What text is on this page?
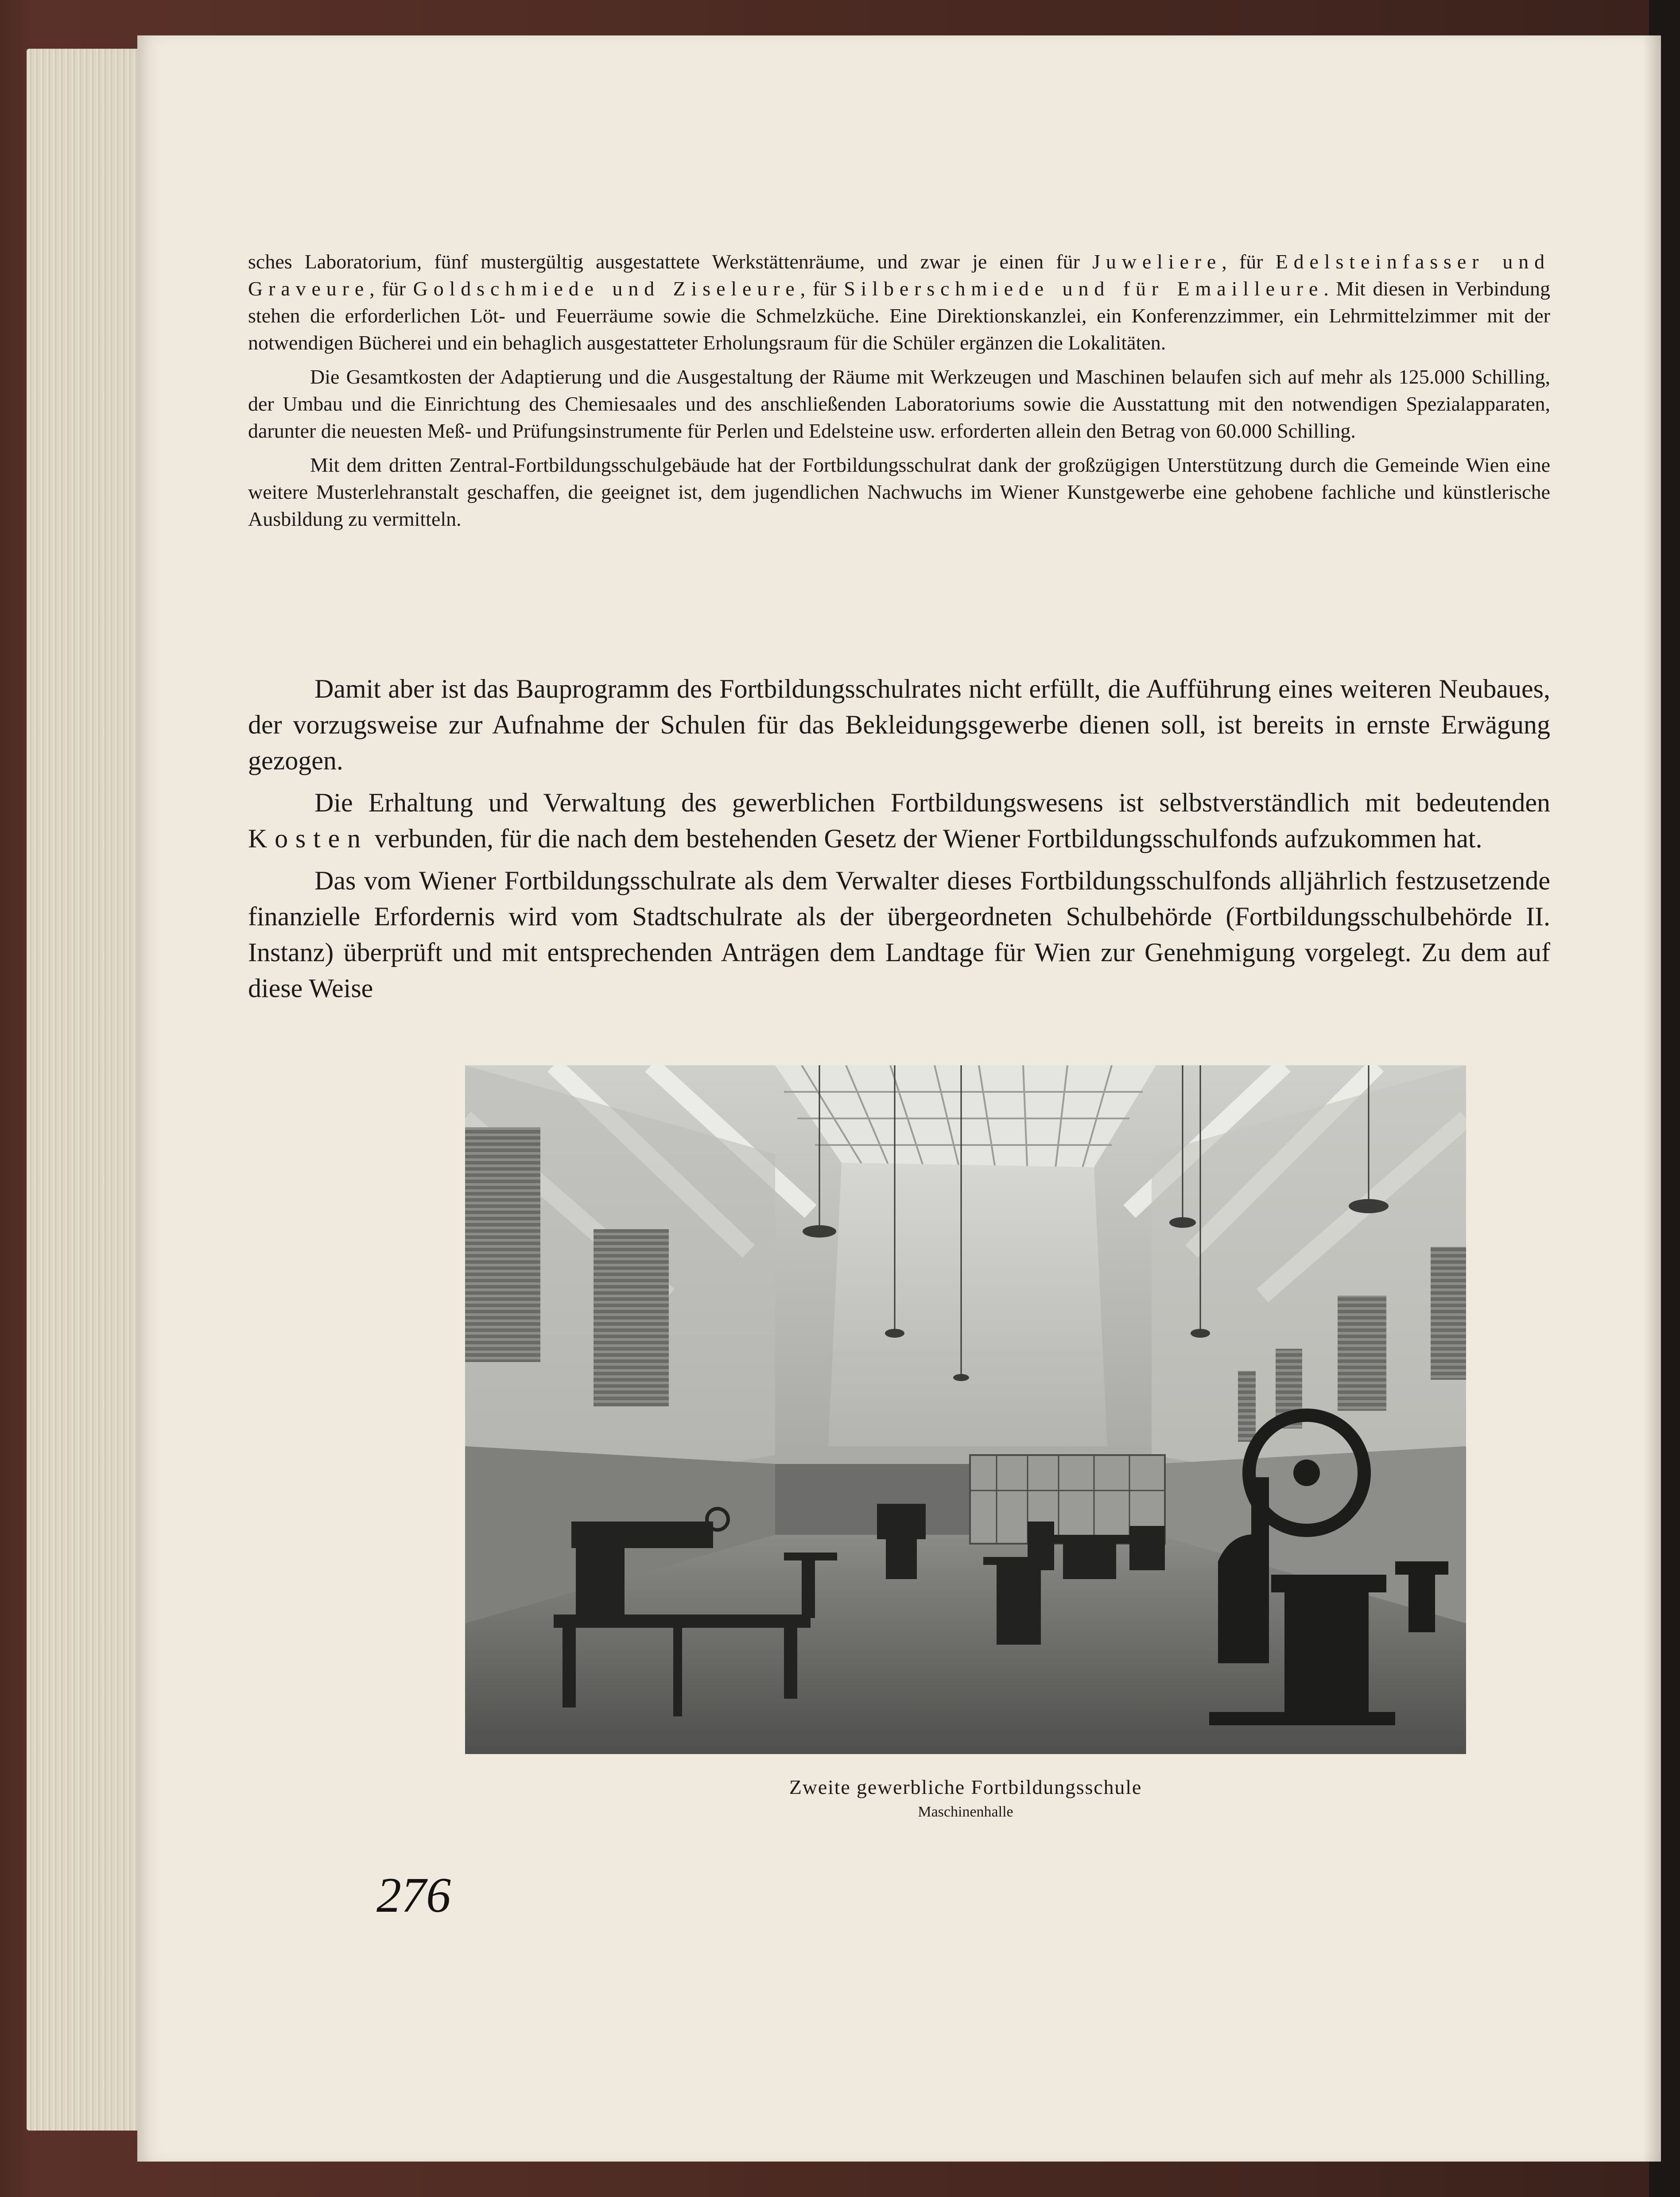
sches Laboratorium, fünf mustergültig ausgestattete Werkstättenräume, und zwar je einen für Juweliere, für Edelsteinfasser und Graveure, für Goldschmiede und Ziseleure, für Silberschmiede und für Emailleure. Mit diesen in Verbindung stehen die erforderlichen Löt- und Feuerräume sowie die Schmelzküche. Eine Direktionskanzlei, ein Konferenzzimmer, ein Lehrmittelzimmer mit der notwendigen Bücherei und ein behaglich ausgestatteter Erholungsraum für die Schüler ergänzen die Lokalitäten.

Die Gesamtkosten der Adaptierung und die Ausgestaltung der Räume mit Werkzeugen und Maschinen belaufen sich auf mehr als 125.000 Schilling, der Umbau und die Einrichtung des Chemiesaales und des anschließenden Laboratoriums sowie die Ausstattung mit den notwendigen Spezialapparaten, darunter die neuesten Meß- und Prüfungsinstrumente für Perlen und Edelsteine usw. erforderten allein den Betrag von 60.000 Schilling.

Mit dem dritten Zentral-Fortbildungsschulgebäude hat der Fortbildungsschulrat dank der großzügigen Unterstützung durch die Gemeinde Wien eine weitere Musterlehranstalt geschaffen, die geeignet ist, dem jugendlichen Nachwuchs im Wiener Kunstgewerbe eine gehobene fachliche und künstlerische Ausbildung zu vermitteln.

Damit aber ist das Bauprogramm des Fortbildungsschulrates nicht erfüllt, die Aufführung eines weiteren Neubaues, der vorzugsweise zur Aufnahme der Schulen für das Bekleidungsgewerbe dienen soll, ist bereits in ernste Erwägung gezogen.

Die Erhaltung und Verwaltung des gewerblichen Fortbildungswesens ist selbstverständlich mit bedeutenden Kosten verbunden, für die nach dem bestehenden Gesetz der Wiener Fortbildungsschulfonds aufzukommen hat.

Das vom Wiener Fortbildungsschulrate als dem Verwalter dieses Fortbildungsschulfonds alljährlich festzusetzende finanzielle Erfordernis wird vom Stadtschulrate als der übergeordneten Schulbehörde (Fortbildungsschulbehörde II. Instanz) überprüft und mit entsprechenden Anträgen dem Landtage für Wien zur Genehmigung vorgelegt. Zu dem auf diese Weise

Zweite gewerbliche Fortbildungsschule
Maschinenhalle
276
